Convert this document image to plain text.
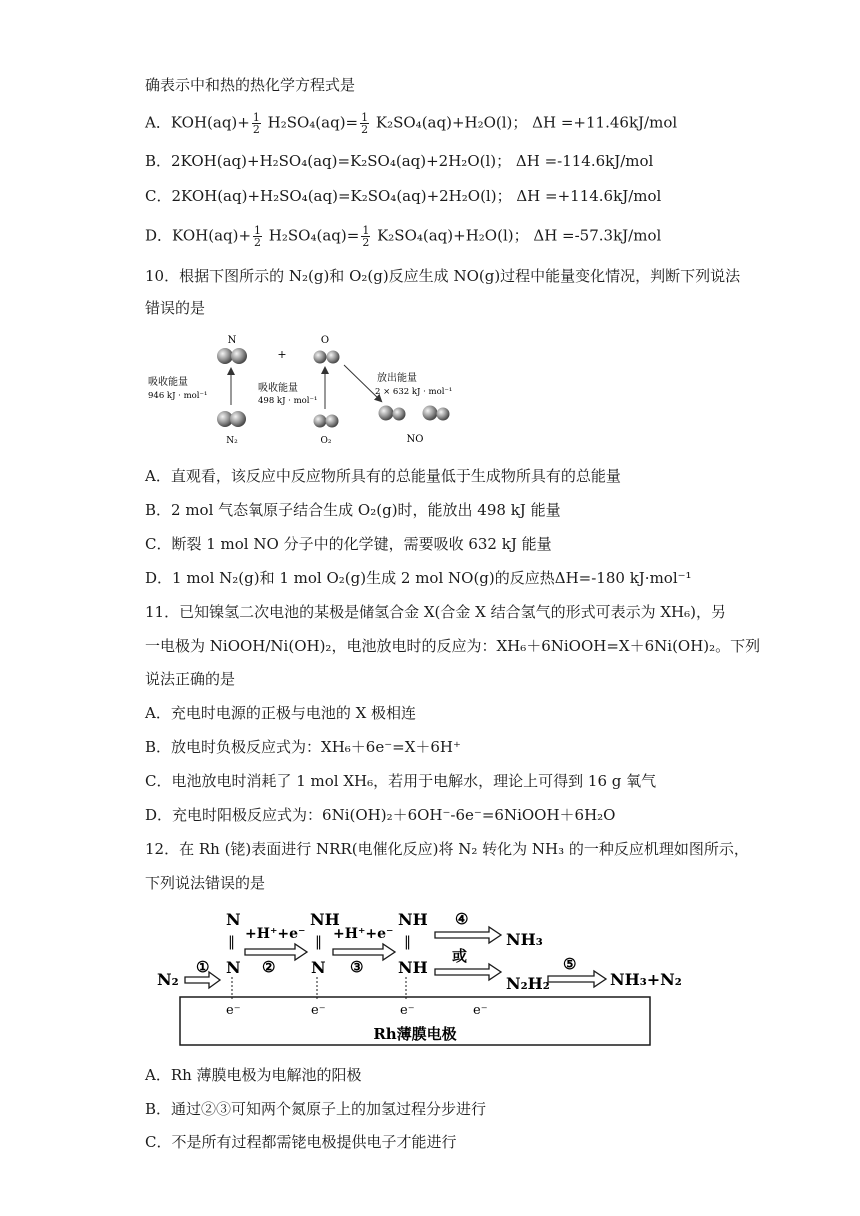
确表示中和热的热化学方程式是
A．$KOH(aq)+ \frac{1}{2} H_2SO_4(aq)= \frac{1}{2} K_2SO_4(aq)+H_2O(l)$； ΔH =+11.46kJ/mol
B．2KOH(aq)+H₂SO₄(aq)=K₂SO₄(aq)+2H₂O(l)； ΔH =-114.6kJ/mol
C．2KOH(aq)+H₂SO₄(aq)=K₂SO₄(aq)+2H₂O(l)； ΔH =+114.6kJ/mol
D．$KOH(aq)+ \frac{1}{2} H_2SO_4(aq)= \frac{1}{2} K_2SO_4(aq)+H_2O(l)$； ΔH =-57.3kJ/mol
10．根据下图所示的 N₂(g)和 O₂(g)反应生成 NO(g)过程中能量变化情况，判断下列说法
错误的是
N
+
O
吸收能量
946 kJ · mol⁻¹
吸收能量
498 kJ · mol⁻¹
放出能量
2 × 632 kJ · mol⁻¹
N₂	O₂	NO
A．直观看，该反应中反应物所具有的总能量低于生成物所具有的总能量
B．2 mol 气态氧原子结合生成 O₂(g)时，能放出 498 kJ 能量
C．断裂 1 mol NO 分子中的化学键，需要吸收 632 kJ 能量
D．1 mol N₂(g)和 1 mol O₂(g)生成 2 mol NO(g)的反应热ΔH=-180 kJ·mol⁻¹
11．已知镍氢二次电池的某极是储氢合金 X(合金 X 结合氢气的形式可表示为 XH₆)，另
一电极为 NiOOH/Ni(OH)₂，电池放电时的反应为：XH₆＋6NiOOH=X＋6Ni(OH)₂。下列
说法正确的是
A．充电时电源的正极与电池的 X 极相连
B．放电时负极反应式为：XH₆＋6e⁻=X＋6H⁺
C．电池放电时消耗了 1 mol XH₆，若用于电解水，理论上可得到 16 g 氧气
D．充电时阳极反应式为：6Ni(OH)₂＋6OH⁻-6e⁻=6NiOOH＋6H₂O
12．在 Rh (铑)表面进行 NRR(电催化反应)将 N₂ 转化为 NH₃ 的一种反应机理如图所示，
下列说法错误的是
Rh薄膜电极
N₂
①
N
‖
N
+H⁺+e⁻
②
NH
‖
N
+H⁺+e⁻
③
NH
‖
NH
④
NH₃
或
N₂H₂
⑤
NH₃+N₂
e⁻	e⁻	e⁻	e⁻
A．Rh 薄膜电极为电解池的阳极
B．通过②③可知两个氮原子上的加氢过程分步进行
C．不是所有过程都需铑电极提供电子才能进行
